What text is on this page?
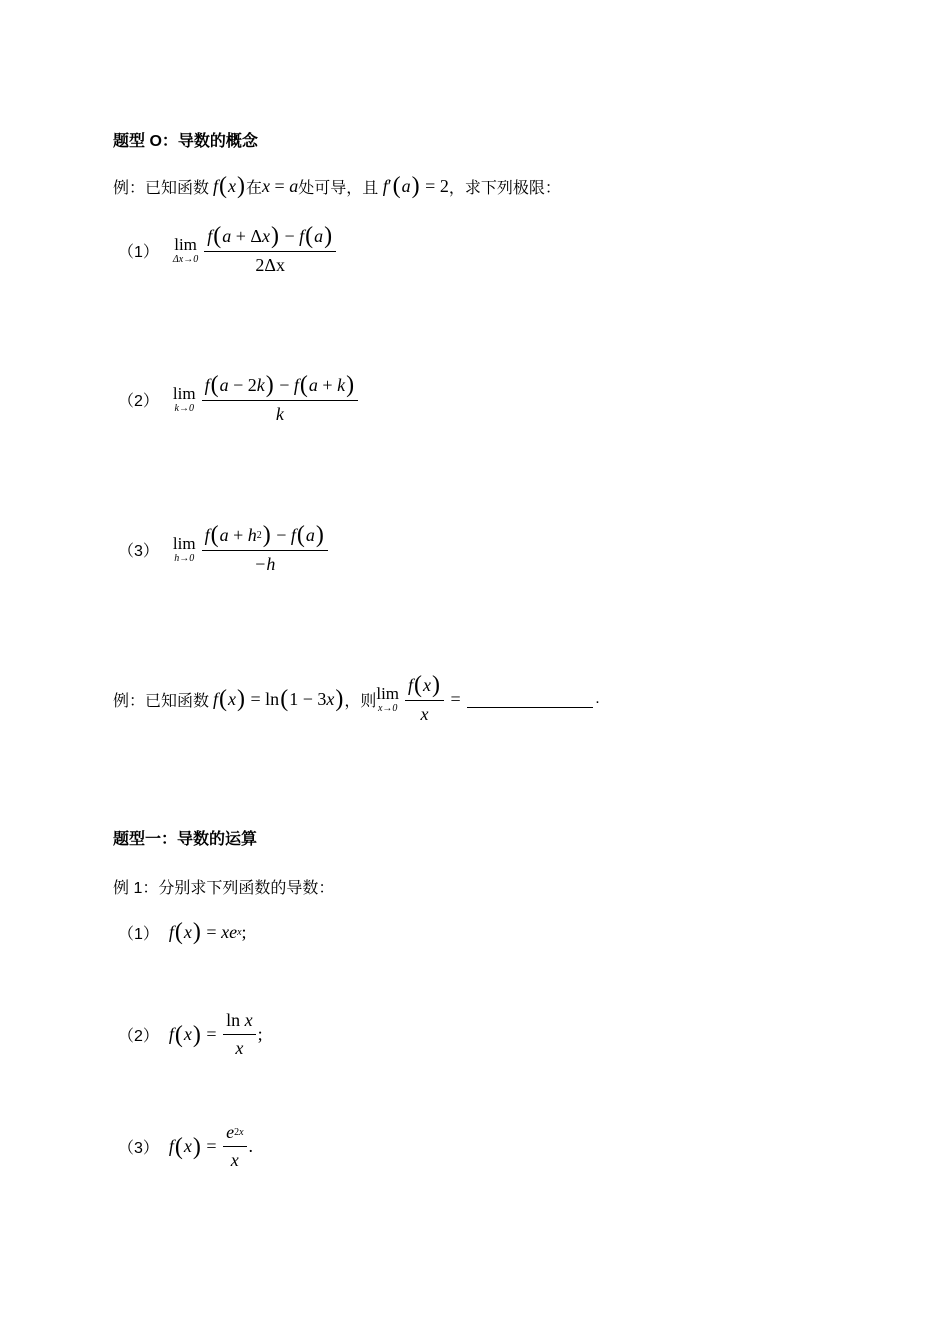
题型 O：导数的概念
例：已知函数 f ( x ) 在 x = a 处可导，且 f ′ ( a ) = 2 ，求下列极限：
（1） lim
$\Delta x\to 0 \frac{\text{f ( a + Δ x ) − f ( a )}}{2\Delta x}$
（2） lim
$k\to 0 \frac{f ( a - 2 k ) - f ( a + k )}{k}$
（3） lim
$h\to 0 \frac{f ( a + h 2 ) - f ( a )}{-h}$
例：已知函数 f ( x ) = ln ( 1 − 3 x ) ，则 lim
$x\to 0 \frac{f ( x )}{x}$ =	.
题型一：导数的运算
例 1：分别求下列函数的导数：
（1） f ( x ) = xe x ;
（2） f ( x ) = $\frac{\text{ln x}}{x}$ ;
（3） f ( x ) = $\frac{e 2x}{x}$ .
